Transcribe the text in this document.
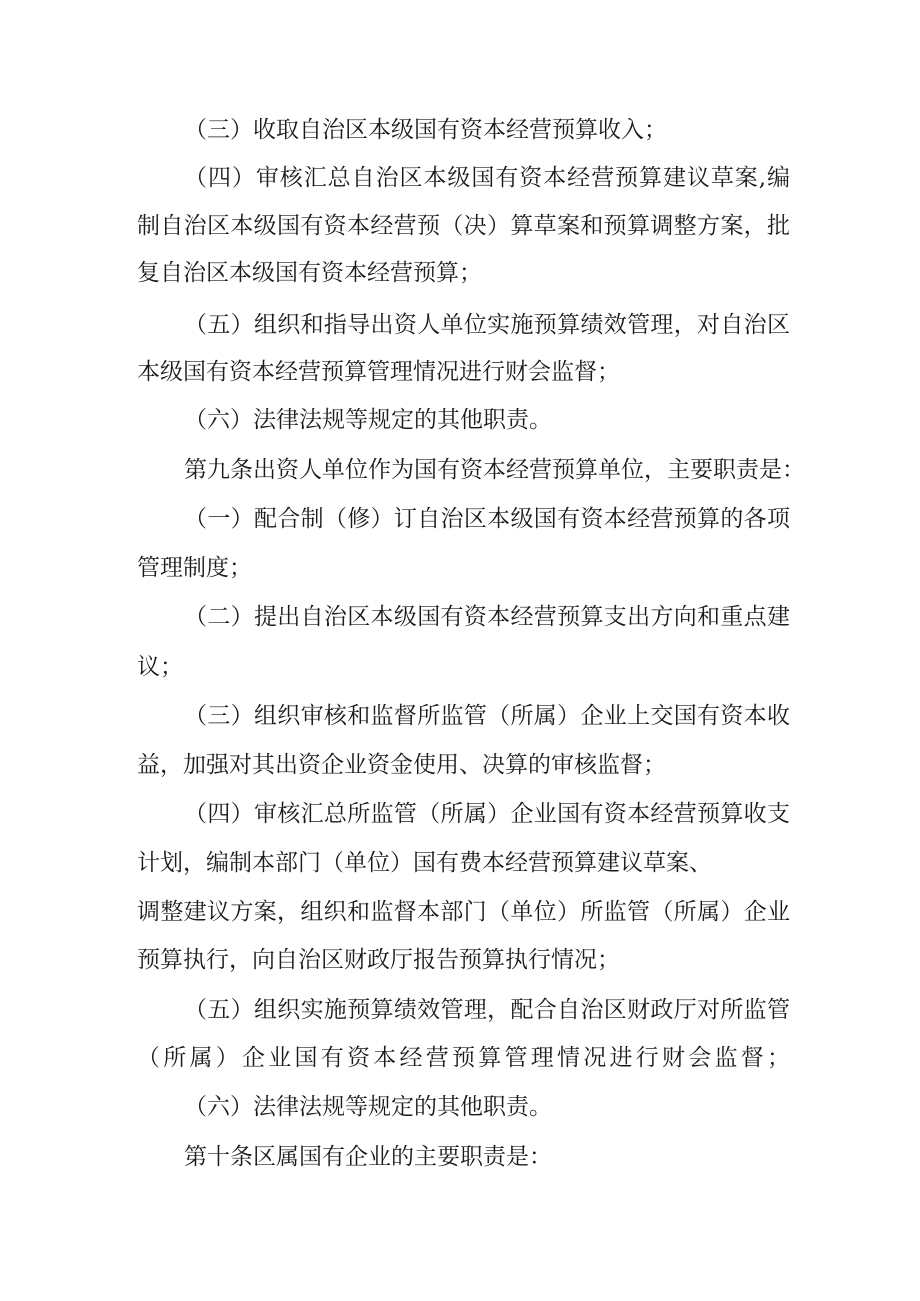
（三）收取自治区本级国有资本经营预算收入；

（四）审核汇总自治区本级国有资本经营预算建议草案,编

制自治区本级国有资本经营预（决）算草案和预算调整方案，批

复自治区本级国有资本经营预算；

（五）组织和指导出资人单位实施预算绩效管理，对自治区

本级国有资本经营预算管理情况进行财会监督；

（六）法律法规等规定的其他职责。

第九条出资人单位作为国有资本经营预算单位，主要职责是：

（一）配合制（修）订自治区本级国有资本经营预算的各项

管理制度；

（二）提出自治区本级国有资本经营预算支出方向和重点建

议；

（三）组织审核和监督所监管（所属）企业上交国有资本收

益，加强对其出资企业资金使用、决算的审核监督；

（四）审核汇总所监管（所属）企业国有资本经营预算收支

计划，编制本部门（单位）国有费本经营预算建议草案、

调整建议方案，组织和监督本部门（单位）所监管（所属）企业

预算执行，向自治区财政厅报告预算执行情况；

（五）组织实施预算绩效管理，配合自治区财政厅对所监管

（所属）企业国有资本经营预算管理情况进行财会监督；

（六）法律法规等规定的其他职责。

第十条区属国有企业的主要职责是：
